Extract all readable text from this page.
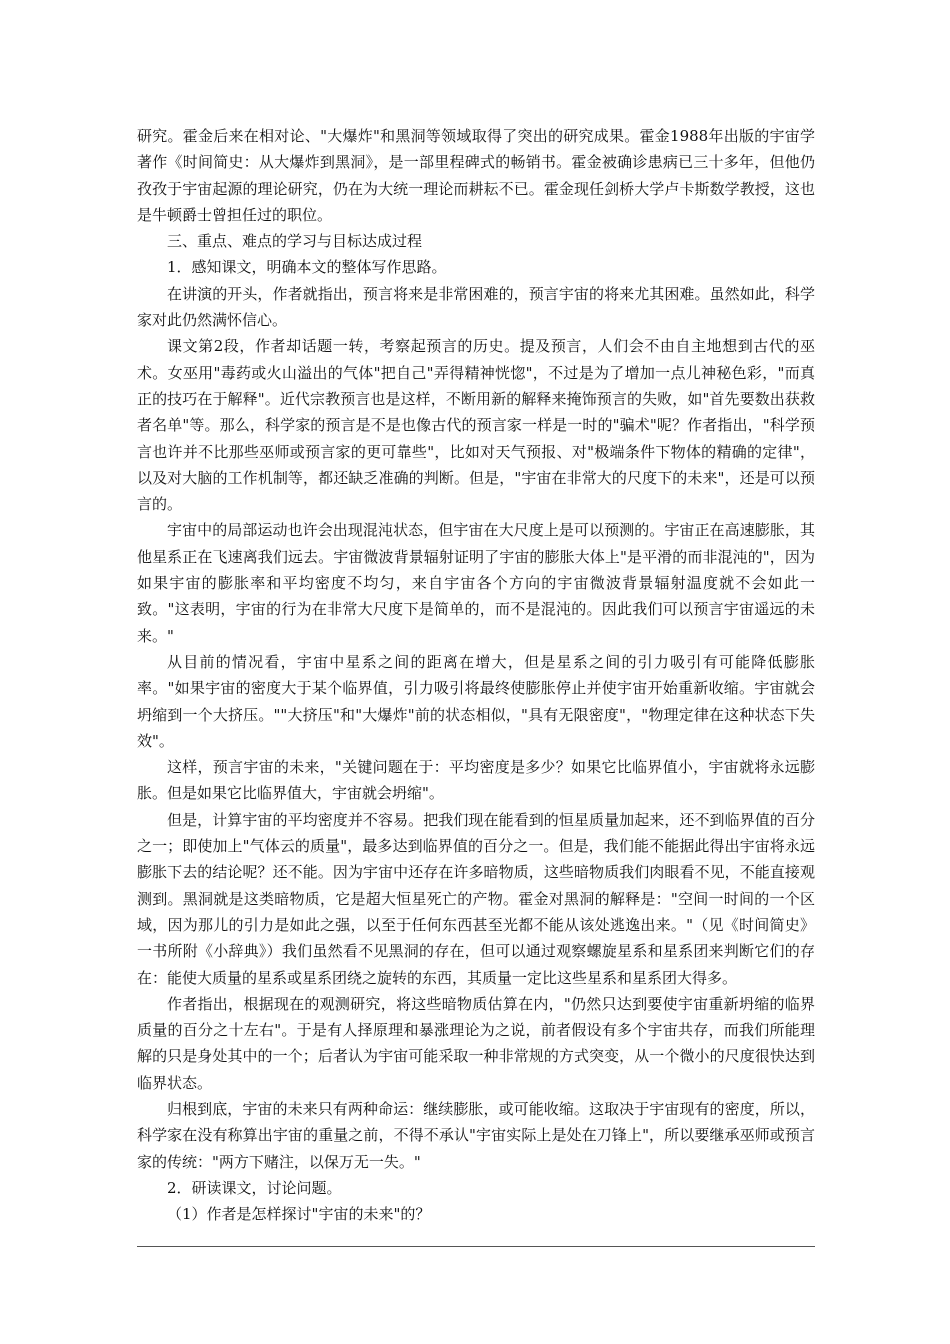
研究。霍金后来在相对论、"大爆炸"和黑洞等领域取得了突出的研究成果。霍金1988年出版的宇宙学著作《时间简史：从大爆炸到黑洞》，是一部里程碑式的畅销书。霍金被确诊患病已三十多年，但他仍孜孜于宇宙起源的理论研究，仍在为大统一理论而耕耘不已。霍金现任剑桥大学卢卡斯数学教授，这也是牛顿爵士曾担任过的职位。

三、重点、难点的学习与目标达成过程

1．感知课文，明确本文的整体写作思路。

在讲演的开头，作者就指出，预言将来是非常困难的，预言宇宙的将来尤其困难。虽然如此，科学家对此仍然满怀信心。

课文第2段，作者却话题一转，考察起预言的历史。提及预言，人们会不由自主地想到古代的巫术。女巫用"毒药或火山溢出的气体"把自己"弄得精神恍惚"，不过是为了增加一点儿神秘色彩，"而真正的技巧在于解释"。近代宗教预言也是这样，不断用新的解释来掩饰预言的失败，如"首先要数出获救者名单"等。那么，科学家的预言是不是也像古代的预言家一样是一时的"骗术"呢？作者指出，"科学预言也许并不比那些巫师或预言家的更可靠些"，比如对天气预报、对"极端条件下物体的精确的定律"，以及对大脑的工作机制等，都还缺乏准确的判断。但是，"宇宙在非常大的尺度下的未来"，还是可以预言的。

宇宙中的局部运动也许会出现混沌状态，但宇宙在大尺度上是可以预测的。宇宙正在高速膨胀，其他星系正在飞速离我们远去。宇宙微波背景辐射证明了宇宙的膨胀大体上"是平滑的而非混沌的"，因为如果宇宙的膨胀率和平均密度不均匀，来自宇宙各个方向的宇宙微波背景辐射温度就不会如此一致。"这表明，宇宙的行为在非常大尺度下是简单的，而不是混沌的。因此我们可以预言宇宙遥远的未来。"

从目前的情况看，宇宙中星系之间的距离在增大，但是星系之间的引力吸引有可能降低膨胀率。"如果宇宙的密度大于某个临界值，引力吸引将最终使膨胀停止并使宇宙开始重新收缩。宇宙就会坍缩到一个大挤压。""大挤压"和"大爆炸"前的状态相似，"具有无限密度"，"物理定律在这种状态下失效"。

这样，预言宇宙的未来，"关键问题在于：平均密度是多少？如果它比临界值小，宇宙就将永远膨胀。但是如果它比临界值大，宇宙就会坍缩"。

但是，计算宇宙的平均密度并不容易。把我们现在能看到的恒星质量加起来，还不到临界值的百分之一；即使加上"气体云的质量"，最多达到临界值的百分之一。但是，我们能不能据此得出宇宙将永远膨胀下去的结论呢？还不能。因为宇宙中还存在许多暗物质，这些暗物质我们肉眼看不见，不能直接观测到。黑洞就是这类暗物质，它是超大恒星死亡的产物。霍金对黑洞的解释是："空间一时间的一个区域，因为那儿的引力是如此之强，以至于任何东西甚至光都不能从该处逃逸出来。"（见《时间简史》一书所附《小辞典》）我们虽然看不见黑洞的存在，但可以通过观察螺旋星系和星系团来判断它们的存在：能使大质量的星系或星系团绕之旋转的东西，其质量一定比这些星系和星系团大得多。

作者指出，根据现在的观测研究，将这些暗物质估算在内，"仍然只达到要使宇宙重新坍缩的临界质量的百分之十左右"。于是有人择原理和暴涨理论为之说，前者假设有多个宇宙共存，而我们所能理解的只是身处其中的一个；后者认为宇宙可能采取一种非常规的方式突变，从一个微小的尺度很快达到临界状态。

归根到底，宇宙的未来只有两种命运：继续膨胀，或可能收缩。这取决于宇宙现有的密度，所以，科学家在没有称算出宇宙的重量之前，不得不承认"宇宙实际上是处在刀锋上"，所以要继承巫师或预言家的传统："两方下赌注，以保万无一失。"

2．研读课文，讨论问题。

（1）作者是怎样探讨"宇宙的未来"的？
